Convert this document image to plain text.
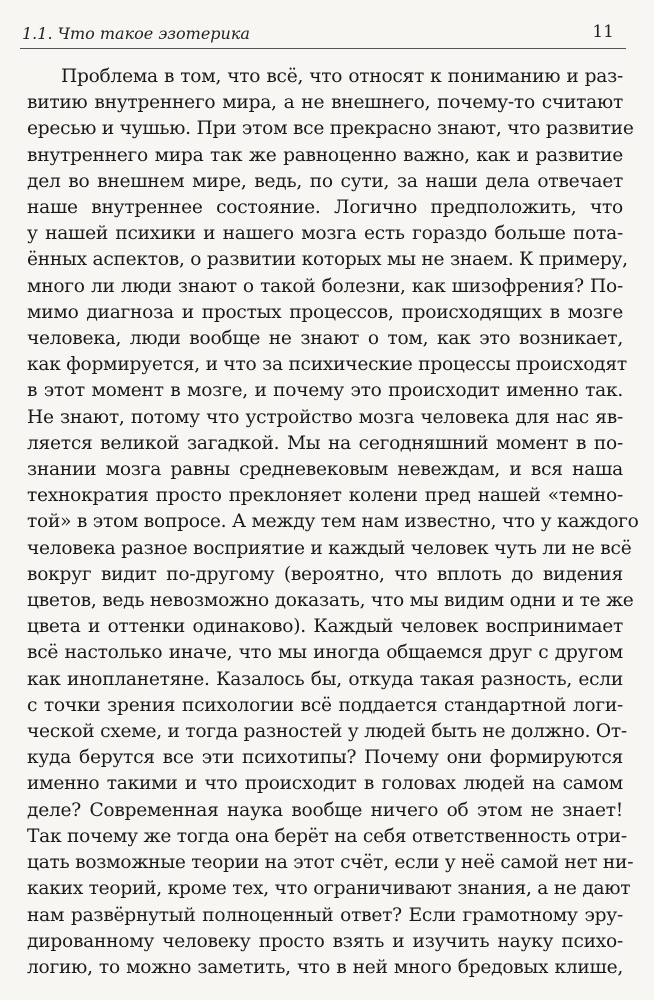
1.1. Что такое эзотерика	11

Проблема в том, что всё, что относят к пониманию и раз-
витию внутреннего мира, а не внешнего, почему-то считают
ересью и чушью. При этом все прекрасно знают, что развитие
внутреннего мира так же равноценно важно, как и развитие
дел во внешнем мире, ведь, по сути, за наши дела отвечает
наше внутреннее состояние. Логично предположить, что
у нашей психики и нашего мозга есть гораздо больше пота-
ённых аспектов, о развитии которых мы не знаем. К примеру,
много ли люди знают о такой болезни, как шизофрения? По-
мимо диагноза и простых процессов, происходящих в мозге
человека, люди вообще не знают о том, как это возникает,
как формируется, и что за психические процессы происходят
в этот момент в мозге, и почему это происходит именно так.
Не знают, потому что устройство мозга человека для нас яв-
ляется великой загадкой. Мы на сегодняшний момент в по-
знании мозга равны средневековым невеждам, и вся наша
технократия просто преклоняет колени пред нашей «темно-
той» в этом вопросе. А между тем нам известно, что у каждого
человека разное восприятие и каждый человек чуть ли не всё
вокруг видит по-другому (вероятно, что вплоть до видения
цветов, ведь невозможно доказать, что мы видим одни и те же
цвета и оттенки одинаково). Каждый человек воспринимает
всё настолько иначе, что мы иногда общаемся друг с другом
как инопланетяне. Казалось бы, откуда такая разность, если
с точки зрения психологии всё поддается стандартной логи-
ческой схеме, и тогда разностей у людей быть не должно. От-
куда берутся все эти психотипы? Почему они формируются
именно такими и что происходит в головах людей на самом
деле? Современная наука вообще ничего об этом не знает!
Так почему же тогда она берёт на себя ответственность отри-
цать возможные теории на этот счёт, если у неё самой нет ни-
каких теорий, кроме тех, что ограничивают знания, а не дают
нам развёрнутый полноценный ответ? Если грамотному эру-
дированному человеку просто взять и изучить науку психо-
логию, то можно заметить, что в ней много бредовых клише,
